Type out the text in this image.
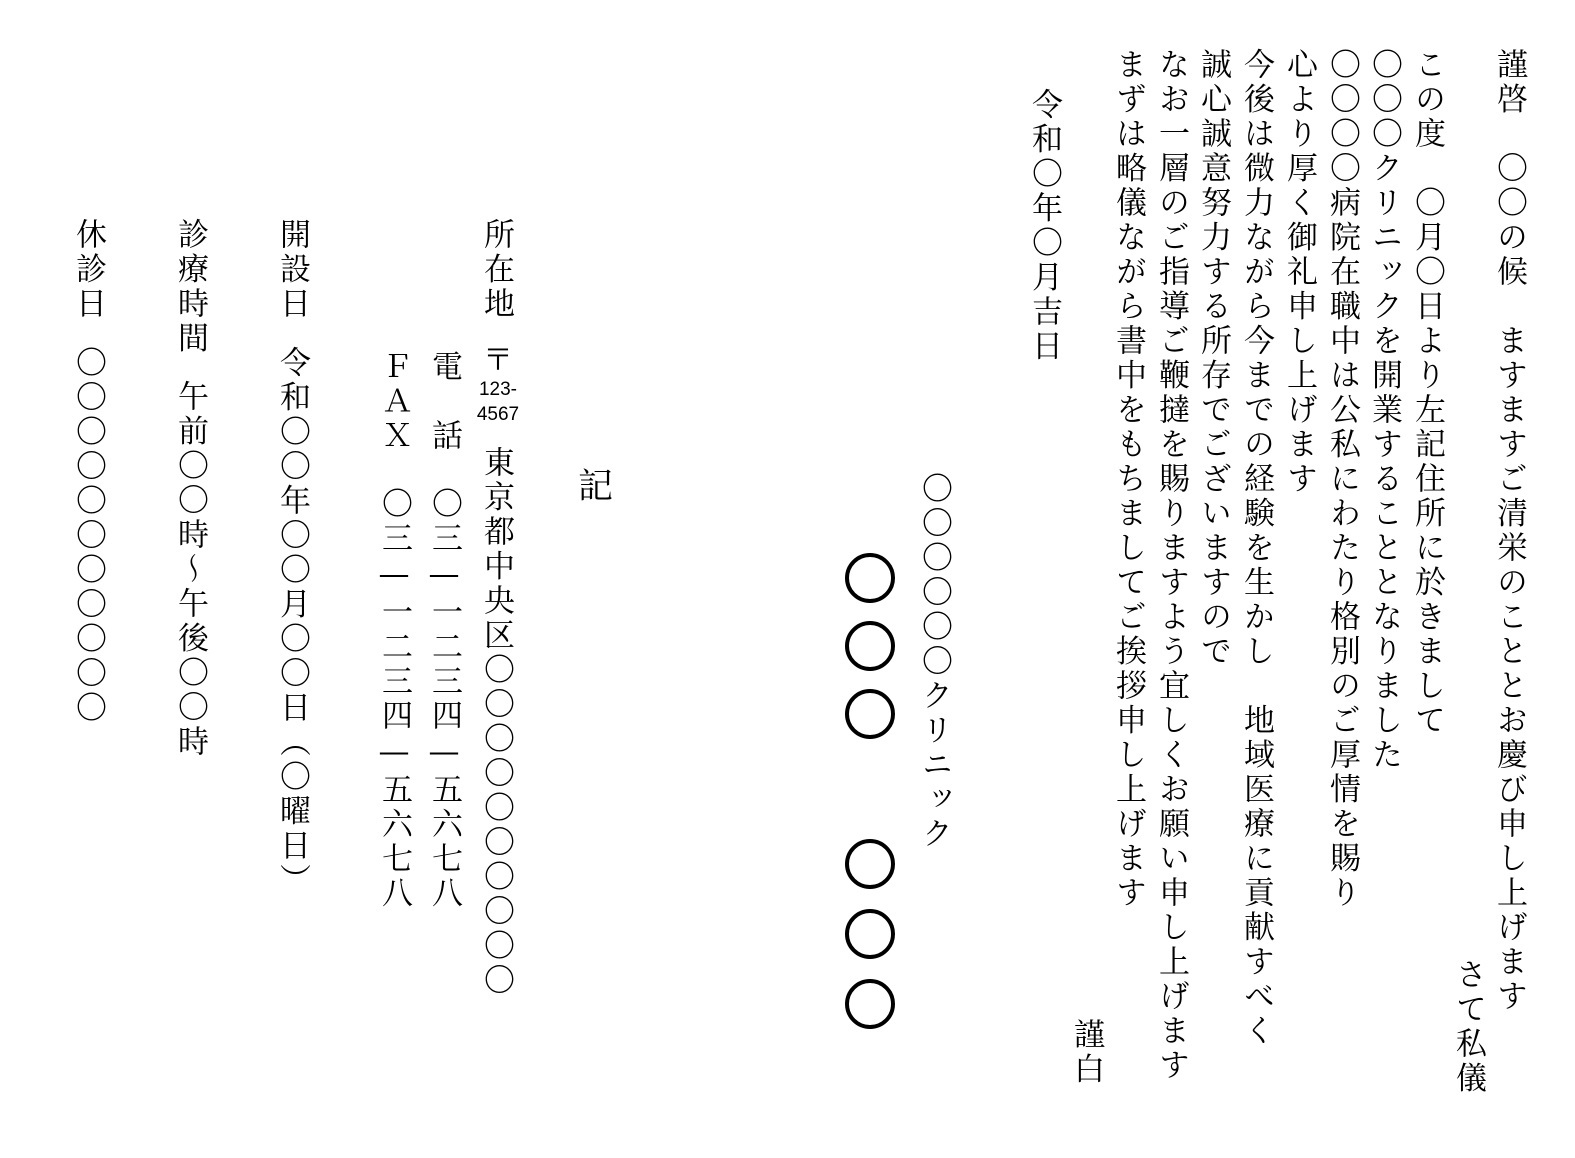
謹啓　〇〇の候　ますますご清栄のこととお慶び申し上げます
この度　〇月〇日より左記住所に於きまして
〇〇〇クリニックを開業することとなりました
〇〇〇〇病院在職中は公私にわたり格別のご厚情を賜り
心より厚く御礼申し上げます
今後は微力ながら今までの経験を生かし　地域医療に貢献すべく
誠心誠意努力する所存でございますので
なお一層のご指導ご鞭撻を賜りますよう宜しくお願い申し上げます
まずは略儀ながら書中をもちましてご挨拶申し上げます
さて私儀
謹白
令和〇年〇月吉日
〇〇〇〇〇〇クリニック
記
所在地
〒
123-
4567
東京都中央区〇〇〇〇〇〇〇〇〇〇
電　話
〇三—一二三四—五六七八
ＦＡＸ
〇三—一二三四—五六七八
開設日
令和〇〇年〇〇月〇〇日（〇曜日）
診療時間
午前〇〇時～午後〇〇時
休診日
〇〇〇〇〇〇〇〇〇〇〇
